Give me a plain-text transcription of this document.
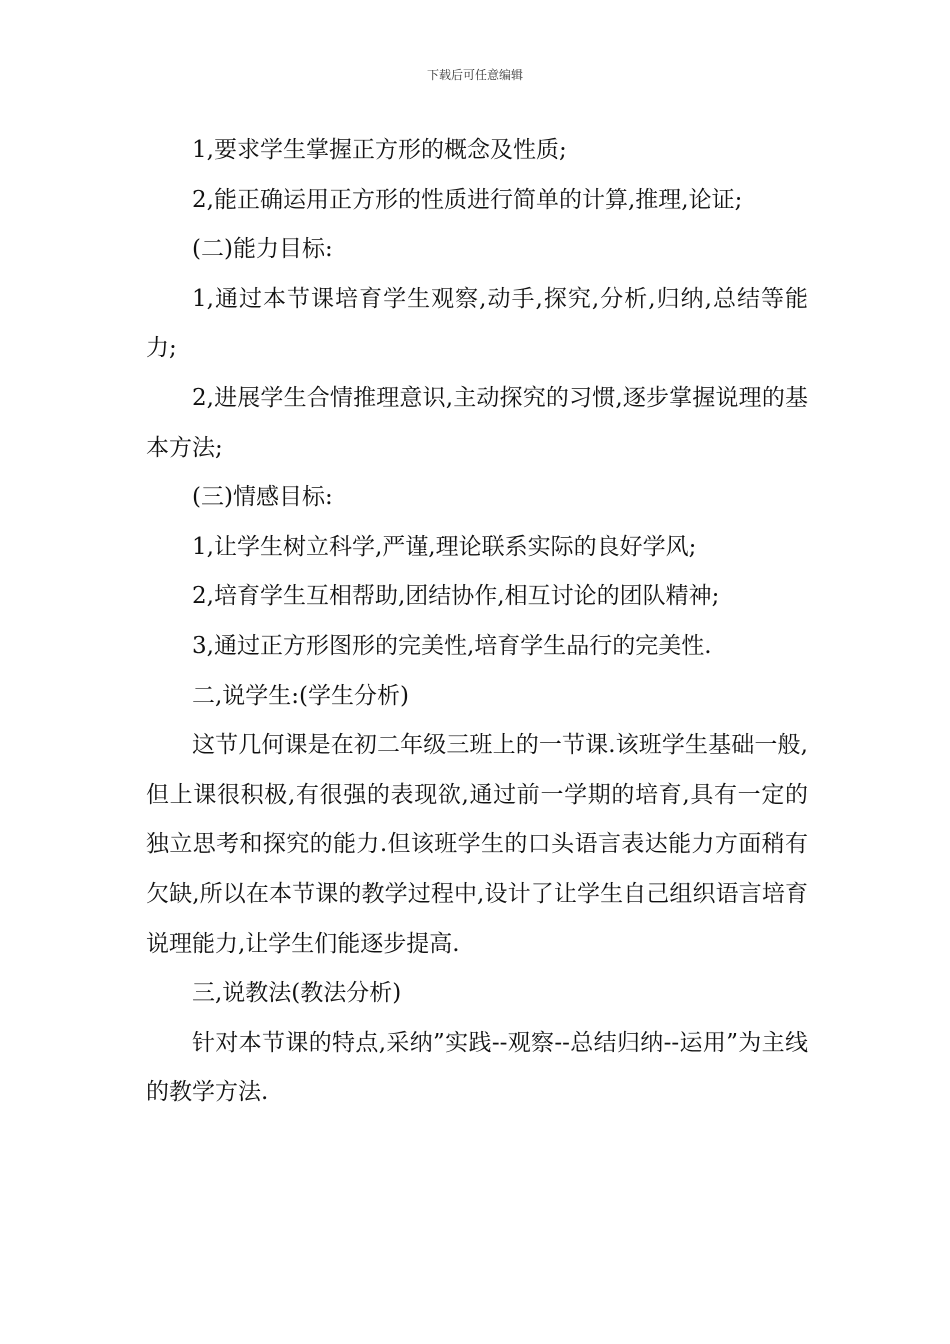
下载后可任意编辑

1,要求学生掌握正方形的概念及性质;

2,能正确运用正方形的性质进行简单的计算,推理,论证;

(二)能力目标:

1,通过本节课培育学生观察,动手,探究,分析,归纳,总结等能力;

2,进展学生合情推理意识,主动探究的习惯,逐步掌握说理的基本方法;

(三)情感目标:

1,让学生树立科学,严谨,理论联系实际的良好学风;

2,培育学生互相帮助,团结协作,相互讨论的团队精神;

3,通过正方形图形的完美性,培育学生品行的完美性.

二,说学生:(学生分析)

这节几何课是在初二年级三班上的一节课.该班学生基础一般,但上课很积极,有很强的表现欲,通过前一学期的培育,具有一定的独立思考和探究的能力.但该班学生的口头语言表达能力方面稍有欠缺,所以在本节课的教学过程中,设计了让学生自己组织语言培育说理能力,让学生们能逐步提高.

三,说教法(教法分析)

针对本节课的特点,采纳”实践--观察--总结归纳--运用”为主线的教学方法.
